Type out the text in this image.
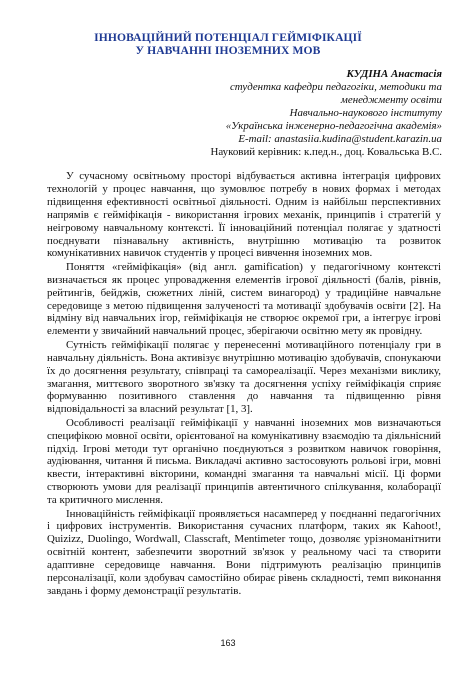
ІННОВАЦІЙНИЙ ПОТЕНЦІАЛ ГЕЙМІФІКАЦІЇ
У НАВЧАННІ ІНОЗЕМНИХ МОВ
КУДІНА Анастасія
студентка кафедри педагогіки, методики та
менеджменту освіти
Навчально-наукового інституту
«Українська інженерно-педагогічна академія»
E-mail: anastasiia.kudina@student.karazin.ua
Науковий керівник: к.пед.н., доц. Ковальська В.С.

У сучасному освітньому просторі відбувається активна інтеграція цифрових технологій у процес навчання, що зумовлює потребу в нових формах і методах підвищення ефективності освітньої діяльності. Одним із найбільш перспективних напрямів є гейміфікація - використання ігрових механік, принципів і стратегій у неігровому навчальному контексті. Її інноваційний потенціал полягає у здатності поєднувати пізнавальну активність, внутрішню мотивацію та розвиток комунікативних навичок студентів у процесі вивчення іноземних мов.

Поняття «гейміфікація» (від англ. gamification) у педагогічному контексті визначається як процес упровадження елементів ігрової діяльності (балів, рівнів, рейтингів, бейджів, сюжетних ліній, систем винагород) у традиційне навчальне середовище з метою підвищення залученості та мотивації здобувачів освіти [2]. На відміну від навчальних ігор, гейміфікація не створює окремої гри, а інтегрує ігрові елементи у звичайний навчальний процес, зберігаючи освітню мету як провідну.

Сутність гейміфікації полягає у перенесенні мотиваційного потенціалу гри в навчальну діяльність. Вона активізує внутрішню мотивацію здобувачів, спонукаючи їх до досягнення результату, співпраці та самореалізації. Через механізми виклику, змагання, миттєвого зворотного зв'язку та досягнення успіху гейміфікація сприяє формуванню позитивного ставлення до навчання та підвищенню рівня відповідальності за власний результат [1, 3].

Особливості реалізації гейміфікації у навчанні іноземних мов визначаються специфікою мовної освіти, орієнтованої на комунікативну взаємодію та діяльнісний підхід. Ігрові методи тут органічно поєднуються з розвитком навичок говоріння, аудіювання, читання й письма. Викладачі активно застосовують рольові ігри, мовні квести, інтерактивні вікторини, командні змагання та навчальні місії. Ці форми створюють умови для реалізації принципів автентичного спілкування, колаборації та критичного мислення.

Інноваційність гейміфікації проявляється насамперед у поєднанні педагогічних і цифрових інструментів. Використання сучасних платформ, таких як Kahoot!, Quizizz, Duolingo, Wordwall, Classcraft, Mentimeter тощо, дозволяє урізноманітнити освітній контент, забезпечити зворотний зв'язок у реальному часі та створити адаптивне середовище навчання. Вони підтримують реалізацію принципів персоналізації, коли здобувач самостійно обирає рівень складності, темп виконання завдань і форму демонстрації результатів.

163
